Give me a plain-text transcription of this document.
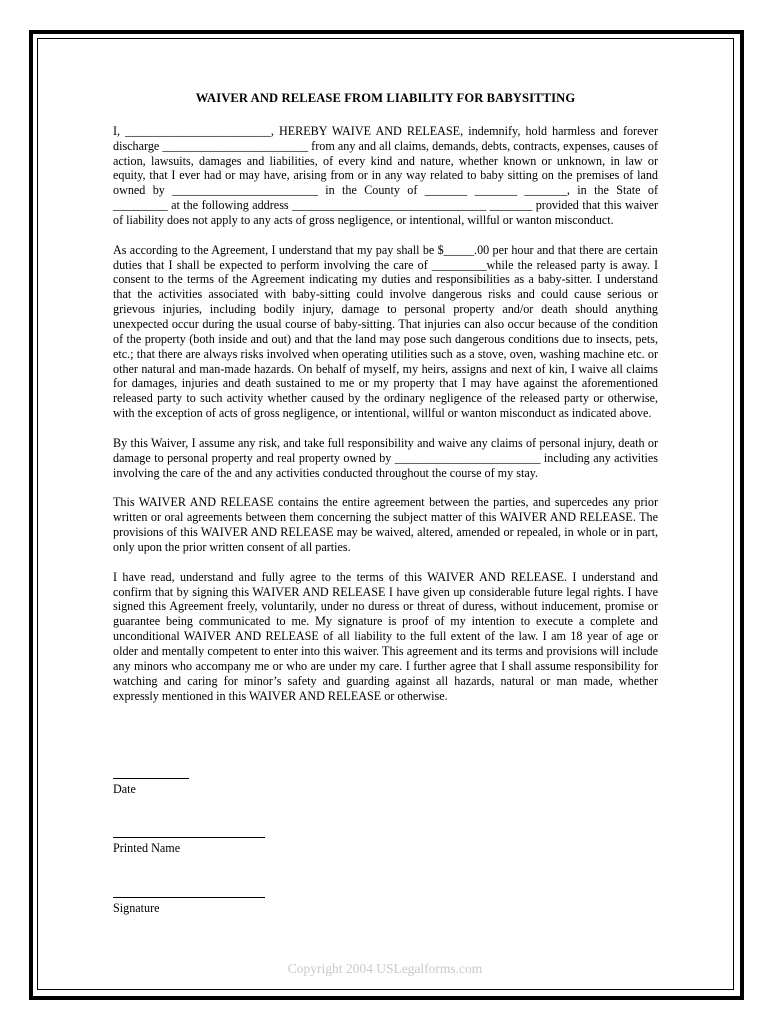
WAIVER AND RELEASE FROM LIABILITY FOR BABYSITTING

I, ________________________, HEREBY WAIVE AND RELEASE, indemnify, hold harmless and forever discharge ________________________ from any and all claims, demands, debts, contracts, expenses, causes of action, lawsuits, damages and liabilities, of every kind and nature, whether known or unknown, in law or equity, that I ever had or may have, arising from or in any way related to baby sitting on the premises of land owned by ________________________ in the County of _______ _______ _______, in the State of _________ at the following address ________________________________ _______ provided that this waiver of liability does not apply to any acts of gross negligence, or intentional, willful or wanton misconduct.

As according to the Agreement, I understand that my pay shall be $_____.00 per hour and that there are certain duties that I shall be expected to perform involving the care of _________while the released party is away. I consent to the terms of the Agreement indicating my duties and responsibilities as a baby-sitter. I understand that the activities associated with baby-sitting could involve dangerous risks and could cause serious or grievous injuries, including bodily injury, damage to personal property and/or death should anything unexpected occur during the usual course of baby-sitting. That injuries can also occur because of the condition of the property (both inside and out) and that the land may pose such dangerous conditions due to insects, pets, etc.; that there are always risks involved when operating utilities such as a stove, oven, washing machine etc. or other natural and man-made hazards. On behalf of myself, my heirs, assigns and next of kin, I waive all claims for damages, injuries and death sustained to me or my property that I may have against the aforementioned released party to such activity whether caused by the ordinary negligence of the released party or otherwise, with the exception of acts of gross negligence, or intentional, willful or wanton misconduct as indicated above.

By this Waiver, I assume any risk, and take full responsibility and waive any claims of personal injury, death or damage to personal property and real property owned by ________________________ including any activities involving the care of the and any activities conducted throughout the course of my stay.

This WAIVER AND RELEASE contains the entire agreement between the parties, and supercedes any prior written or oral agreements between them concerning the subject matter of this WAIVER AND RELEASE. The provisions of this WAIVER AND RELEASE may be waived, altered, amended or repealed, in whole or in part, only upon the prior written consent of all parties.

I have read, understand and fully agree to the terms of this WAIVER AND RELEASE. I understand and confirm that by signing this WAIVER AND RELEASE I have given up considerable future legal rights. I have signed this Agreement freely, voluntarily, under no duress or threat of duress, without inducement, promise or guarantee being communicated to me. My signature is proof of my intention to execute a complete and unconditional WAIVER AND RELEASE of all liability to the full extent of the law. I am 18 year of age or older and mentally competent to enter into this waiver. This agreement and its terms and provisions will include any minors who accompany me or who are under my care. I further agree that I shall assume responsibility for watching and caring for minor’s safety and guarding against all hazards, natural or man made, whether expressly mentioned in this WAIVER AND RELEASE or otherwise.

Date
Printed Name
Signature
Copyright 2004 USLegalforms.com
